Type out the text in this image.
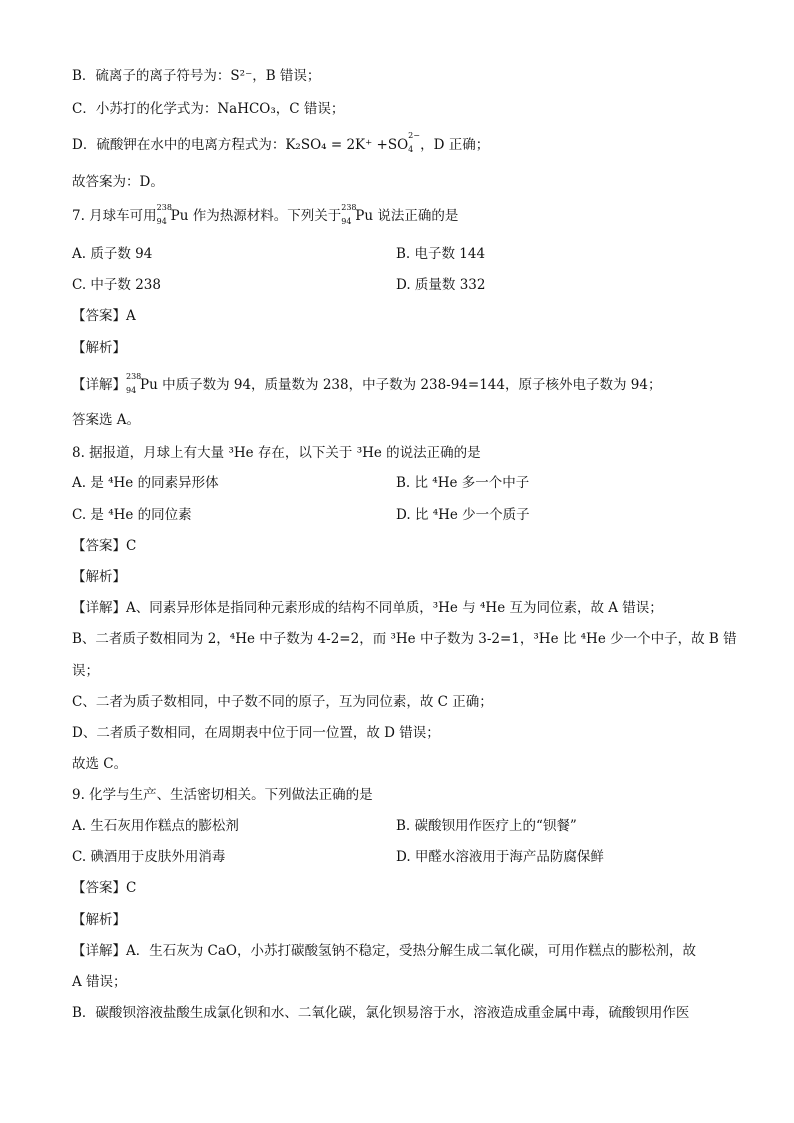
B．硫离子的离子符号为：S²⁻，B 错误；
C．小苏打的化学式为：NaHCO₃，C 错误；
D．硫酸钾在水中的电离方程式为：K₂SO₄ = 2K⁺ +SO
2−
4 ，D 正确；
故答案为：D。
7. 月球车可用
238
94 Pu 作为热源材料。下列关于
238
94 Pu 说法正确的是
A. 质子数 94	B. 电子数 144
C. 中子数 238	D. 质量数 332
【答案】A
【解析】
【详解】
238
94 Pu 中质子数为 94，质量数为 238，中子数为 238-94=144，原子核外电子数为 94；
答案选 A。
8. 据报道，月球上有大量 ³He 存在，以下关于 ³He 的说法正确的是
A. 是 ⁴He 的同素异形体	B. 比 ⁴He 多一个中子
C. 是 ⁴He 的同位素	D. 比 ⁴He 少一个质子
【答案】C
【解析】
【详解】A、同素异形体是指同种元素形成的结构不同单质，³He 与 ⁴He 互为同位素，故 A 错误；
B、二者质子数相同为 2，⁴He 中子数为 4-2=2，而 ³He 中子数为 3-2=1，³He 比 ⁴He 少一个中子，故 B 错
误；
C、二者为质子数相同，中子数不同的原子，互为同位素，故 C 正确；
D、二者质子数相同，在周期表中位于同一位置，故 D 错误；
故选 C。
9. 化学与生产、生活密切相关。下列做法正确的是
A. 生石灰用作糕点的膨松剂	B. 碳酸钡用作医疗上的“钡餐”
C. 碘酒用于皮肤外用消毒	D. 甲醛水溶液用于海产品防腐保鲜
【答案】C
【解析】
【详解】A．生石灰为 CaO，小苏打碳酸氢钠不稳定，受热分解生成二氧化碳，可用作糕点的膨松剂，故
A 错误；
B．碳酸钡溶液盐酸生成氯化钡和水、二氧化碳，氯化钡易溶于水，溶液造成重金属中毒，硫酸钡用作医
